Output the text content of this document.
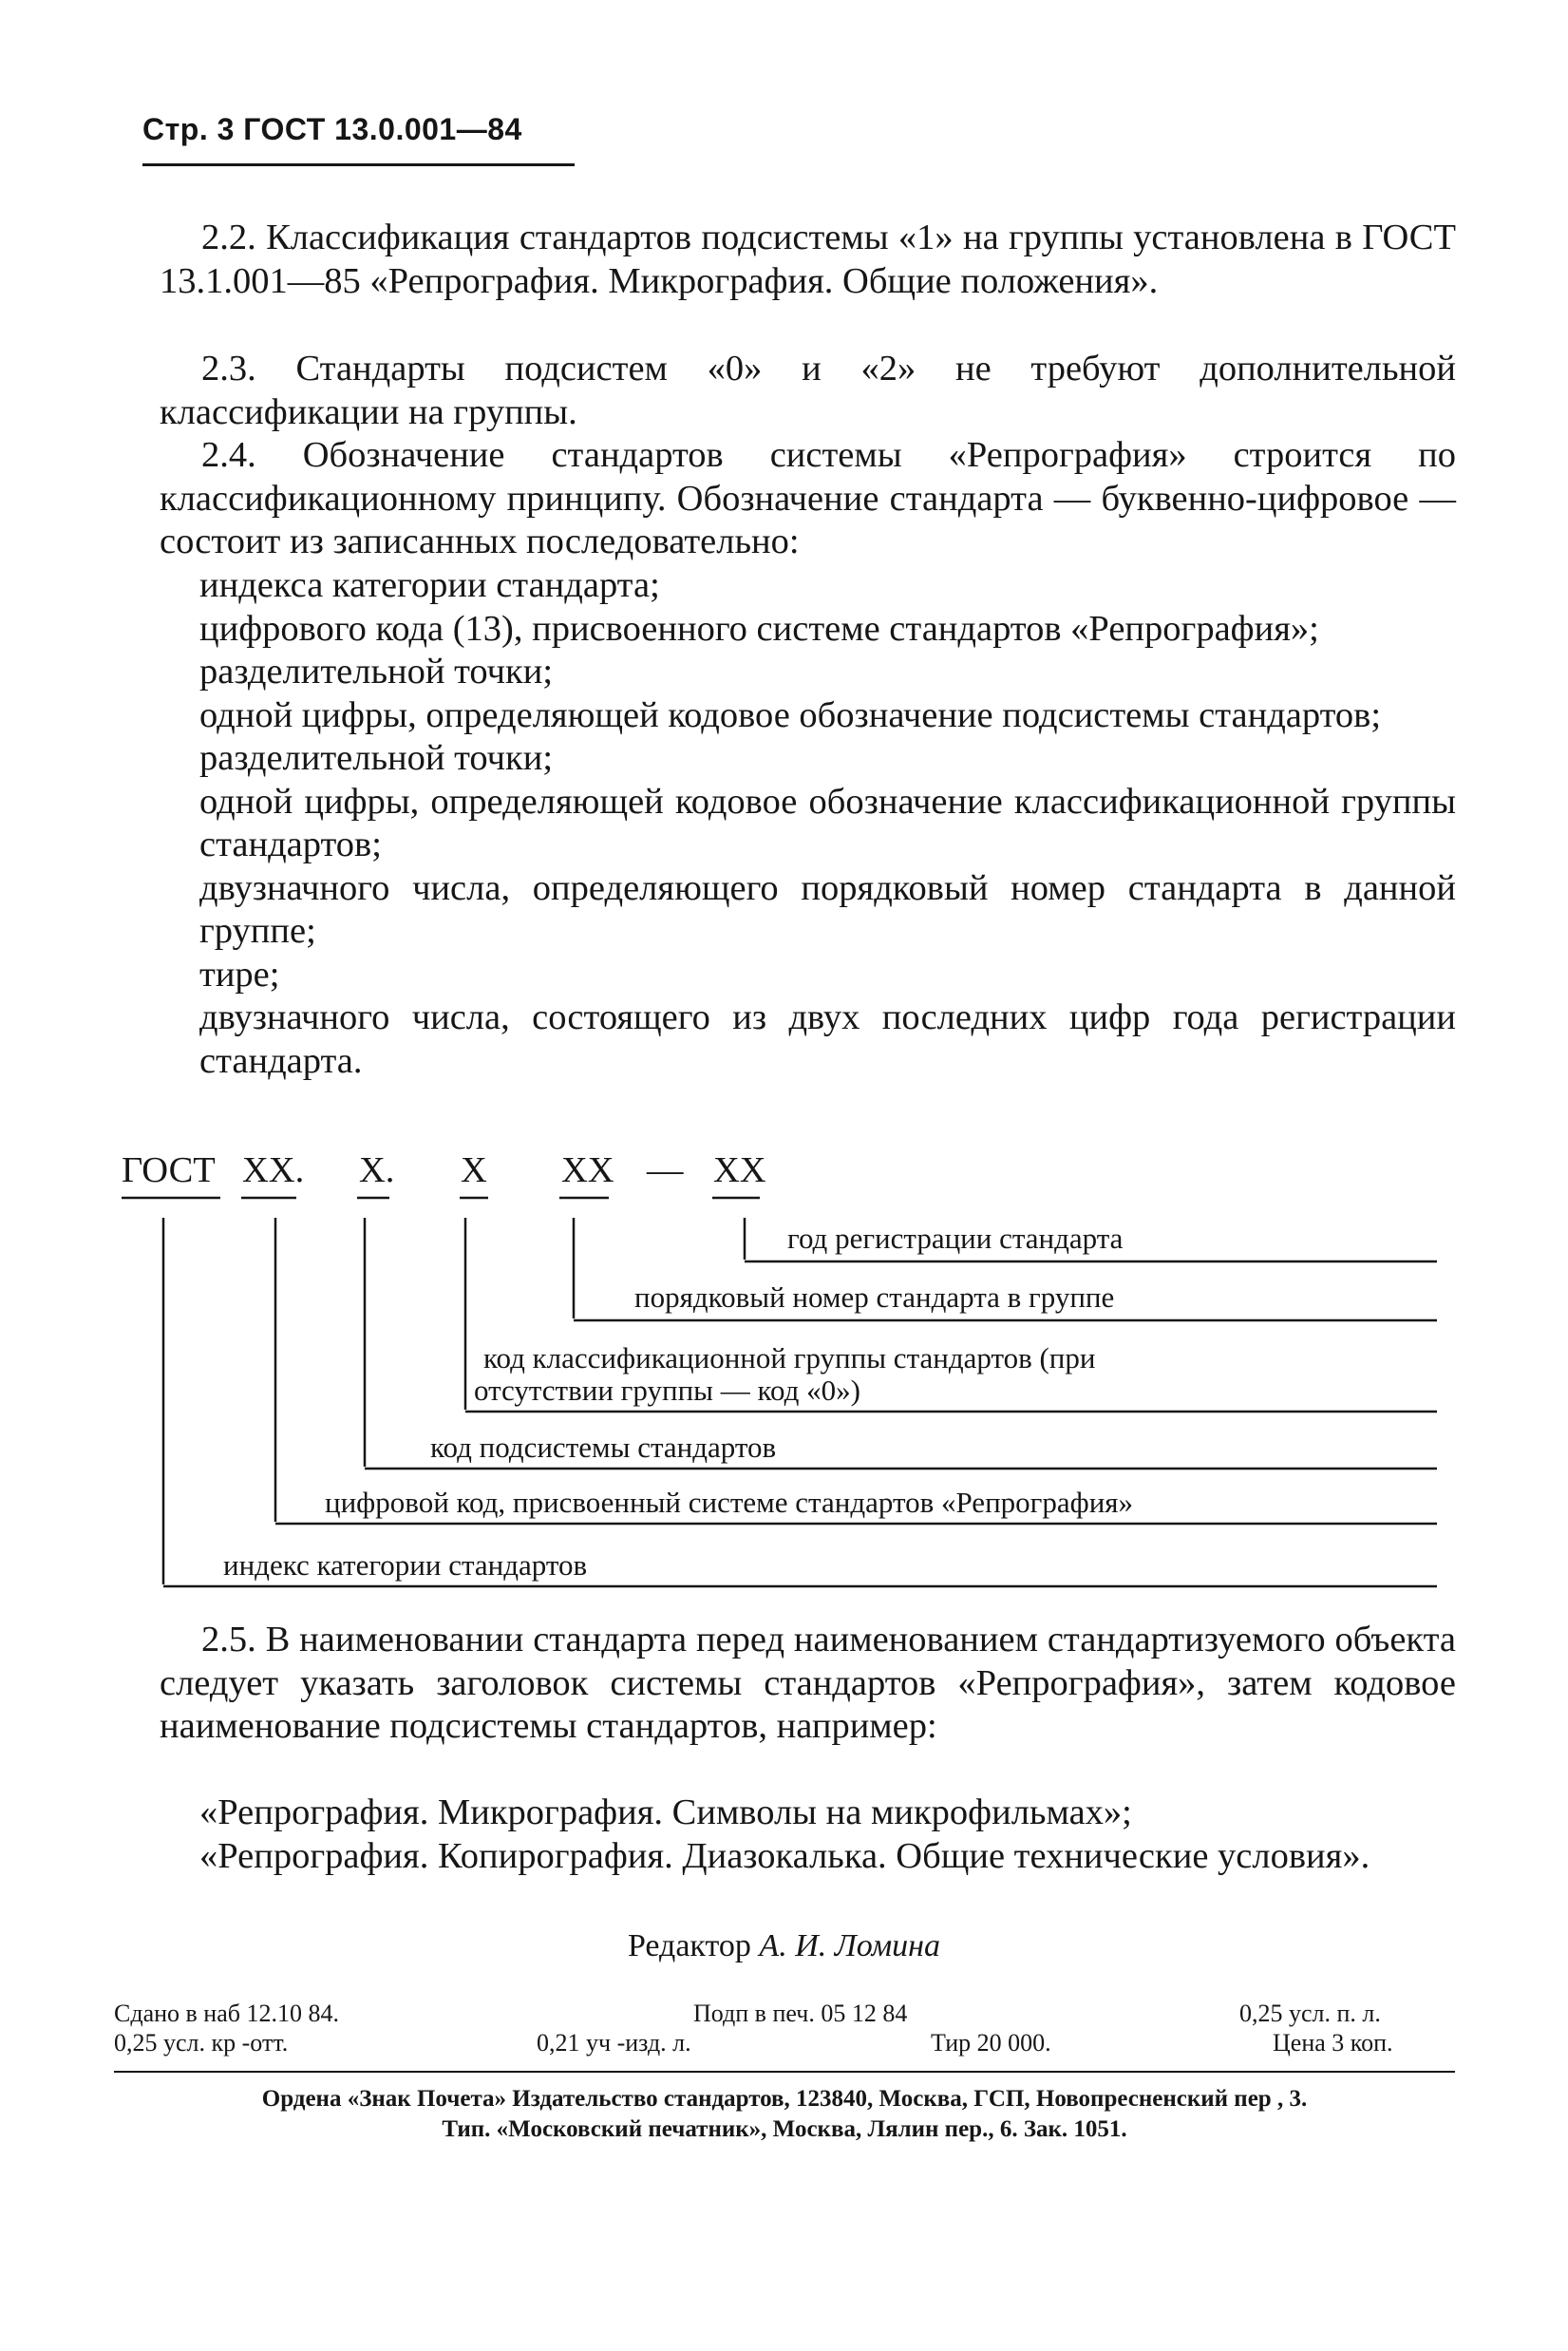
Стр. 3 ГОСТ 13.0.001—84
2.2. Классификация стандартов подсистемы «1» на группы установлена в ГОСТ 13.1.001—85 «Репрография. Микрография. Общие положения».
2.3. Стандарты подсистем «0» и «2» не требуют дополнительной классификации на группы.
2.4. Обозначение стандартов системы «Репрография» строится по классификационному принципу. Обозначение стандарта — буквенно-цифровое — состоит из записанных последовательно:
индекса категории стандарта;
цифрового кода (13), присвоенного системе стандартов «Репрография»;
разделительной точки;
одной цифры, определяющей кодовое обозначение подсистемы стандартов;
разделительной точки;
одной цифры, определяющей кодовое обозначение классификационной группы стандартов;
двузначного числа, определяющего порядковый номер стандарта в данной группе;
тире;
двузначного числа, состоящего из двух последних цифр года регистрации стандарта.
ГОСТ XX. X. X XX — XX
год регистрации стандарта
порядковый номер стандарта в группе
код классификационной группы стандартов (при
отсутствии группы — код «0»)
код подсистемы стандартов
цифровой код, присвоенный системе стандартов «Репрография»
индекс категории стандартов
2.5. В наименовании стандарта перед наименованием стандартизуемого объекта следует указать заголовок системы стандартов «Репрография», затем кодовое наименование подсистемы стандартов, например:
«Репрография. Микрография. Символы на микрофильмах»;
«Репрография. Копирография. Диазокалька. Общие технические условия».
Редактор А. И. Ломина
Сдано в наб 12.10 84.	Подп в печ. 05 12 84	0,25 усл. п. л.
0,25 усл. кр -отт.	0,21 уч -изд. л.	Тир 20 000.	Цена 3 коп.
Ордена «Знак Почета» Издательство стандартов, 123840, Москва, ГСП, Новопресненский пер , 3.
Тип. «Московский печатник», Москва, Лялин пер., 6. Зак. 1051.
